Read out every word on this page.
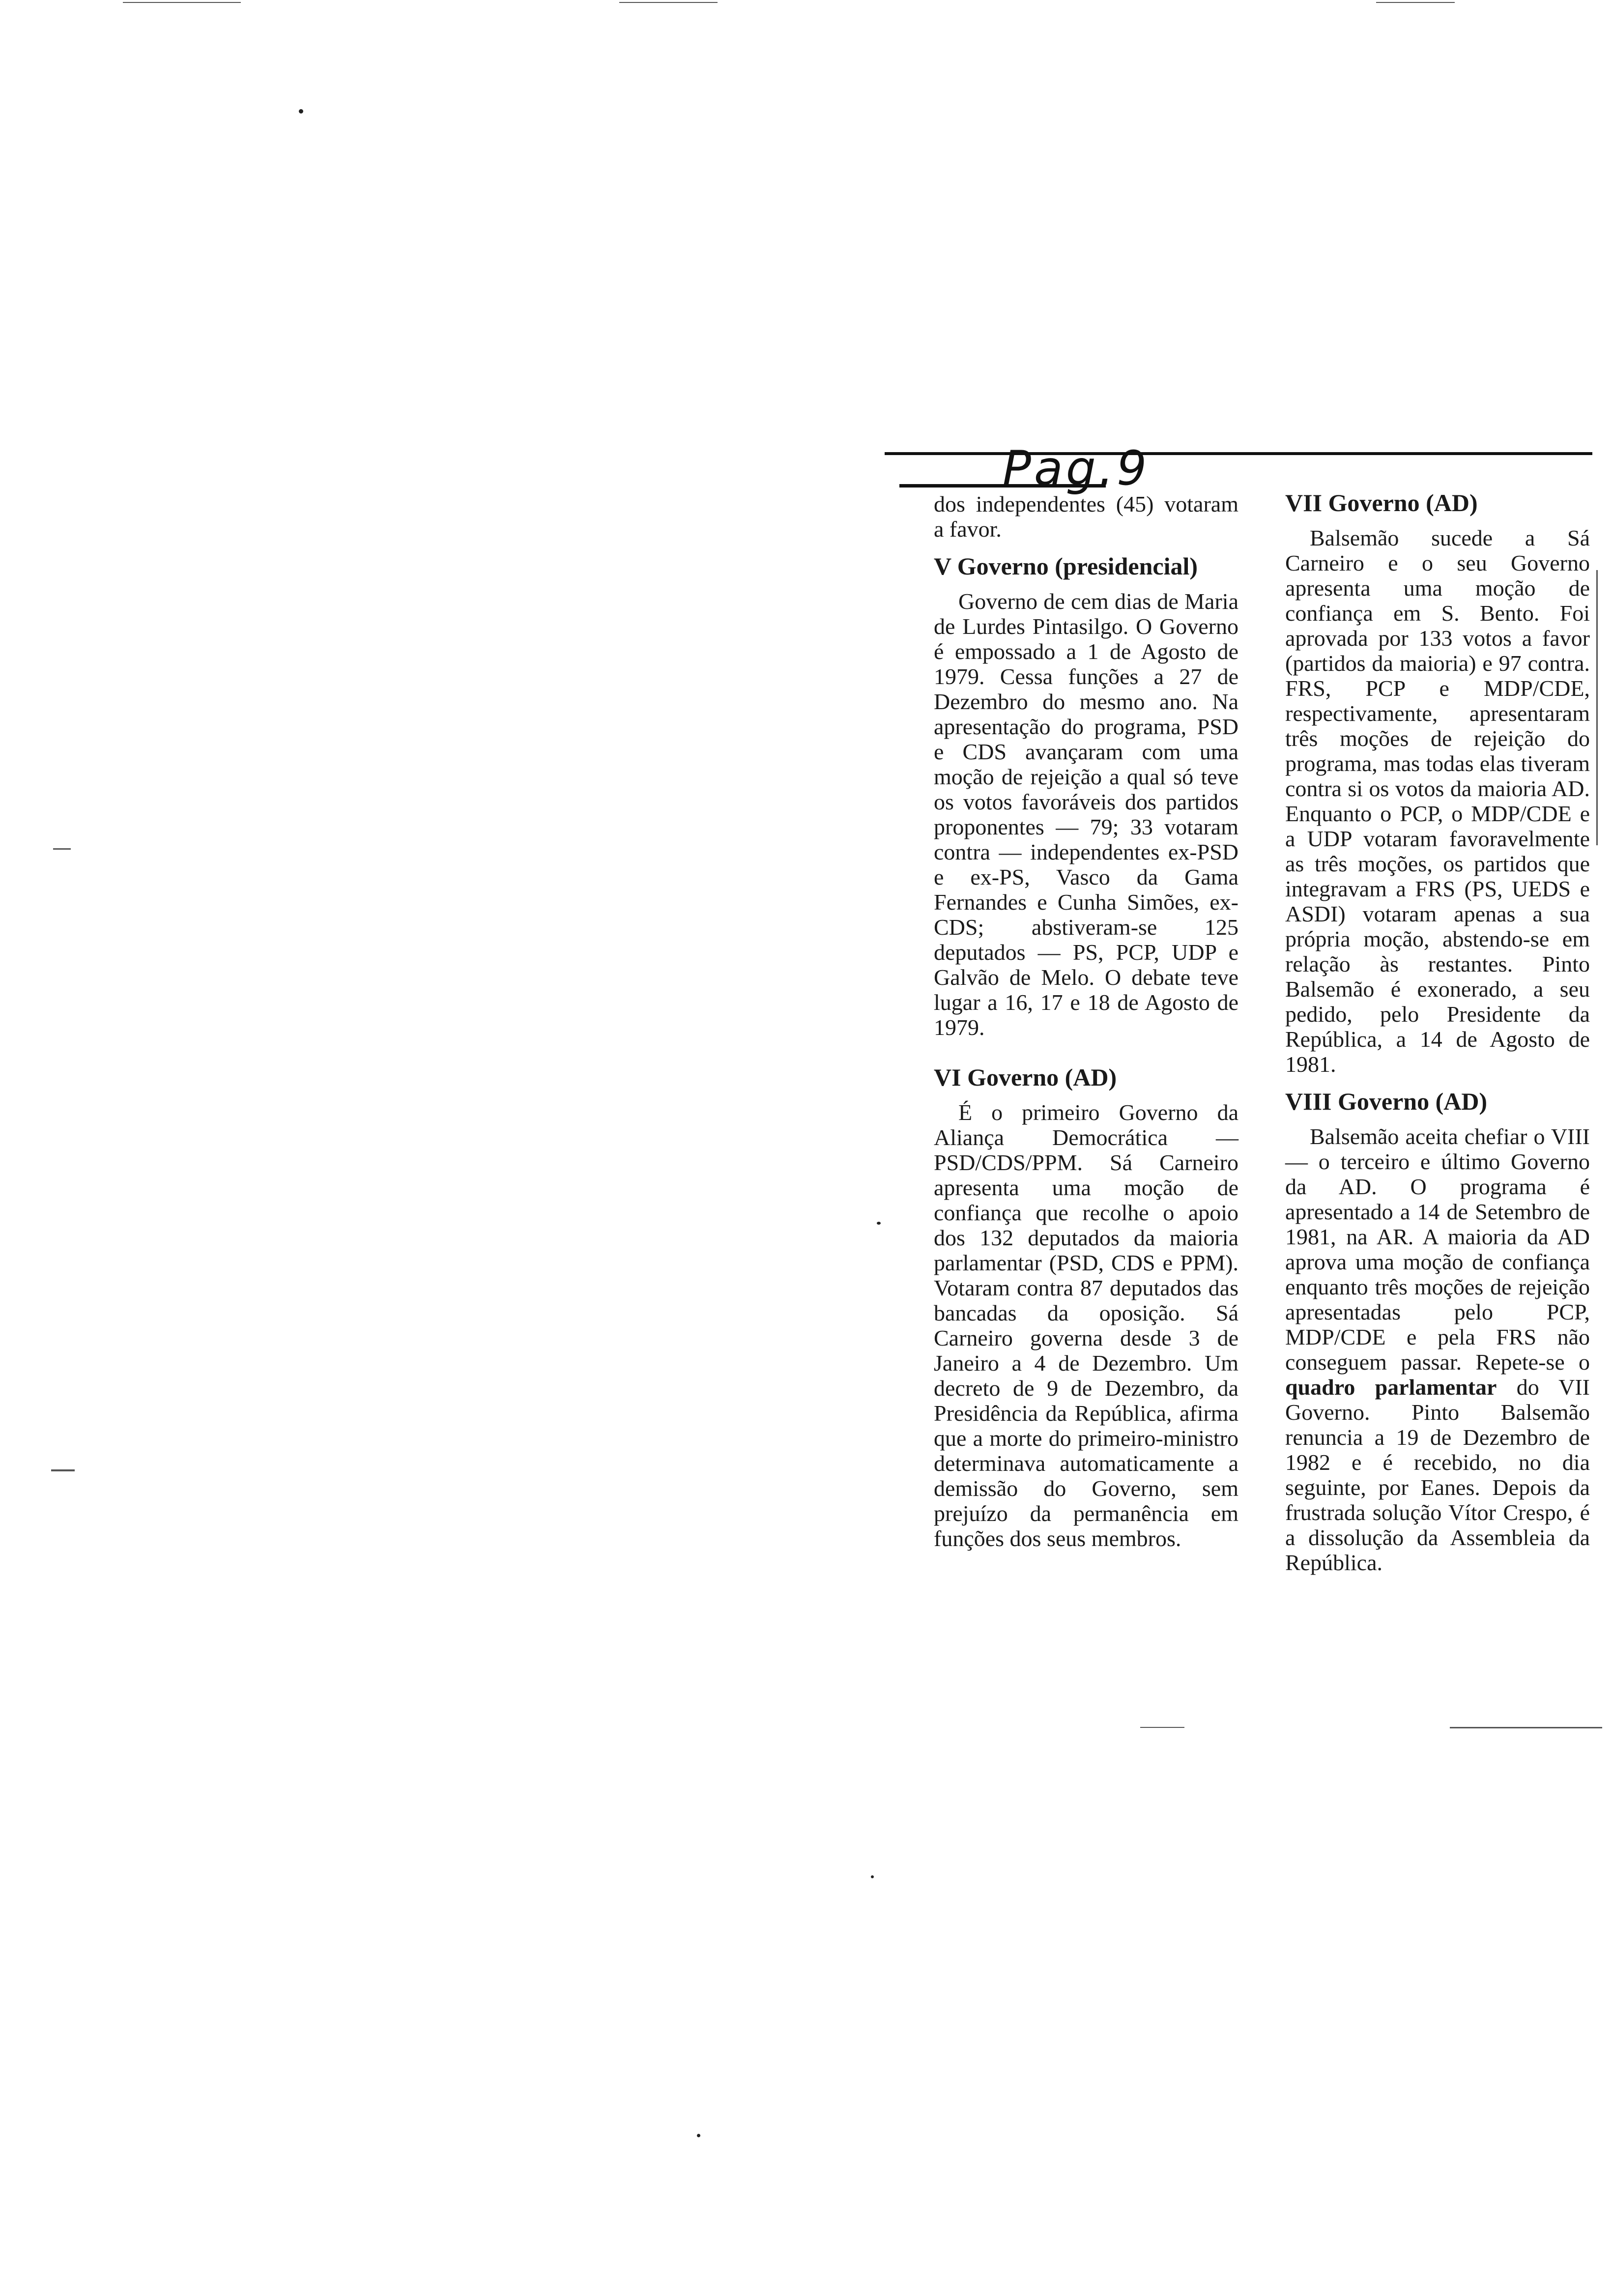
Pag.9

dos independentes (45) votaram a favor.

V Governo (presidencial)

Governo de cem dias de Maria de Lurdes Pintasilgo. O Governo é empossado a 1 de Agosto de 1979. Cessa funções a 27 de Dezembro do mesmo ano. Na apresentação do programa, PSD e CDS avançaram com uma moção de rejeição a qual só teve os votos favoráveis dos partidos proponentes — 79; 33 votaram contra — independentes ex-PSD e ex-PS, Vasco da Gama Fernandes e Cunha Simões, ex-CDS; abstiveram-se 125 deputados — PS, PCP, UDP e Galvão de Melo. O debate teve lugar a 16, 17 e 18 de Agosto de 1979.

VI Governo (AD)

É o primeiro Governo da Aliança Democrática — PSD/CDS/PPM. Sá Carneiro apresenta uma moção de confiança que recolhe o apoio dos 132 deputados da maioria parlamentar (PSD, CDS e PPM). Votaram contra 87 deputados das bancadas da oposição. Sá Carneiro governa desde 3 de Janeiro a 4 de Dezembro. Um decreto de 9 de Dezembro, da Presidência da República, afirma que a morte do primeiro-ministro determinava automaticamente a demissão do Governo, sem prejuízo da permanência em funções dos seus membros.

VII Governo (AD)

Balsemão sucede a Sá Carneiro e o seu Governo apresenta uma moção de confiança em S. Bento. Foi aprovada por 133 votos a favor (partidos da maioria) e 97 contra. FRS, PCP e MDP/CDE, respectivamente, apresentaram três moções de rejeição do programa, mas todas elas tiveram contra si os votos da maioria AD. Enquanto o PCP, o MDP/CDE e a UDP votaram favoravelmente as três moções, os partidos que integravam a FRS (PS, UEDS e ASDI) votaram apenas a sua própria moção, abstendo-se em relação às restantes. Pinto Balsemão é exonerado, a seu pedido, pelo Presidente da República, a 14 de Agosto de 1981.

VIII Governo (AD)

Balsemão aceita chefiar o VIII — o terceiro e último Governo da AD. O programa é apresentado a 14 de Setembro de 1981, na AR. A maioria da AD aprova uma moção de confiança enquanto três moções de rejeição apresentadas pelo PCP, MDP/CDE e pela FRS não conseguem passar. Repete-se o quadro parlamentar do VII Governo. Pinto Balsemão renuncia a 19 de Dezembro de 1982 e é recebido, no dia seguinte, por Eanes. Depois da frustrada solução Vítor Crespo, é a dissolução da Assembleia da República.
